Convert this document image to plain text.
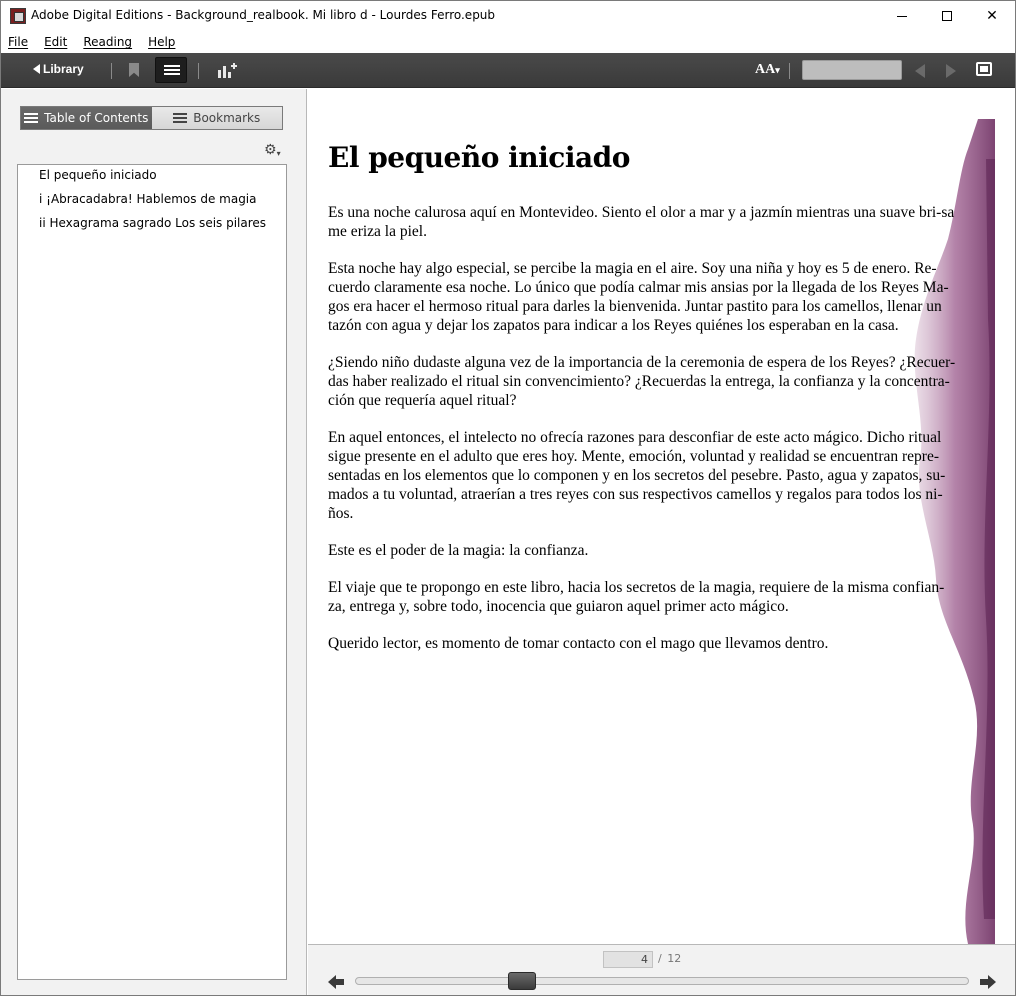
Adobe Digital Editions - Background_realbook. Mi libro d - Lourdes Ferro.epub	✕
File	Edit	Reading	Help
Library	AA▾
Table of Contents	Bookmarks
⚙▾
El pequeño iniciado
i ¡Abracadabra! Hablemos de magia
ii Hexagrama sagrado Los seis pilares
El pequeño iniciado

Es una noche calurosa aquí en Montevideo. Siento el olor a mar y a jazmín mientras una suave bri-sa me eriza la piel.

Esta noche hay algo especial, se percibe la magia en el aire. Soy una niña y hoy es 5 de enero. Re-cuerdo claramente esa noche. Lo único que podía calmar mis ansias por la llegada de los Reyes Ma-gos era hacer el hermoso ritual para darles la bienvenida. Juntar pastito para los camellos, llenar un tazón con agua y dejar los zapatos para indicar a los Reyes quiénes los esperaban en la casa.

¿Siendo niño dudaste alguna vez de la importancia de la ceremonia de espera de los Reyes? ¿Recuer-das haber realizado el ritual sin convencimiento? ¿Recuerdas la entrega, la confianza y la concentra-ción que requería aquel ritual?

En aquel entonces, el intelecto no ofrecía razones para desconfiar de este acto mágico. Dicho ritual sigue presente en el adulto que eres hoy. Mente, emoción, voluntad y realidad se encuentran repre-sentadas en los elementos que lo componen y en los secretos del pesebre. Pasto, agua y zapatos, su-mados a tu voluntad, atraerían a tres reyes con sus respectivos camellos y regalos para todos los ni-ños.

Este es el poder de la magia: la confianza.

El viaje que te propongo en este libro, hacia los secretos de la magia, requiere de la misma confian-za, entrega y, sobre todo, inocencia que guiaron aquel primer acto mágico.

Querido lector, es momento de tomar contacto con el mago que llevamos dentro.

4
/ 12
